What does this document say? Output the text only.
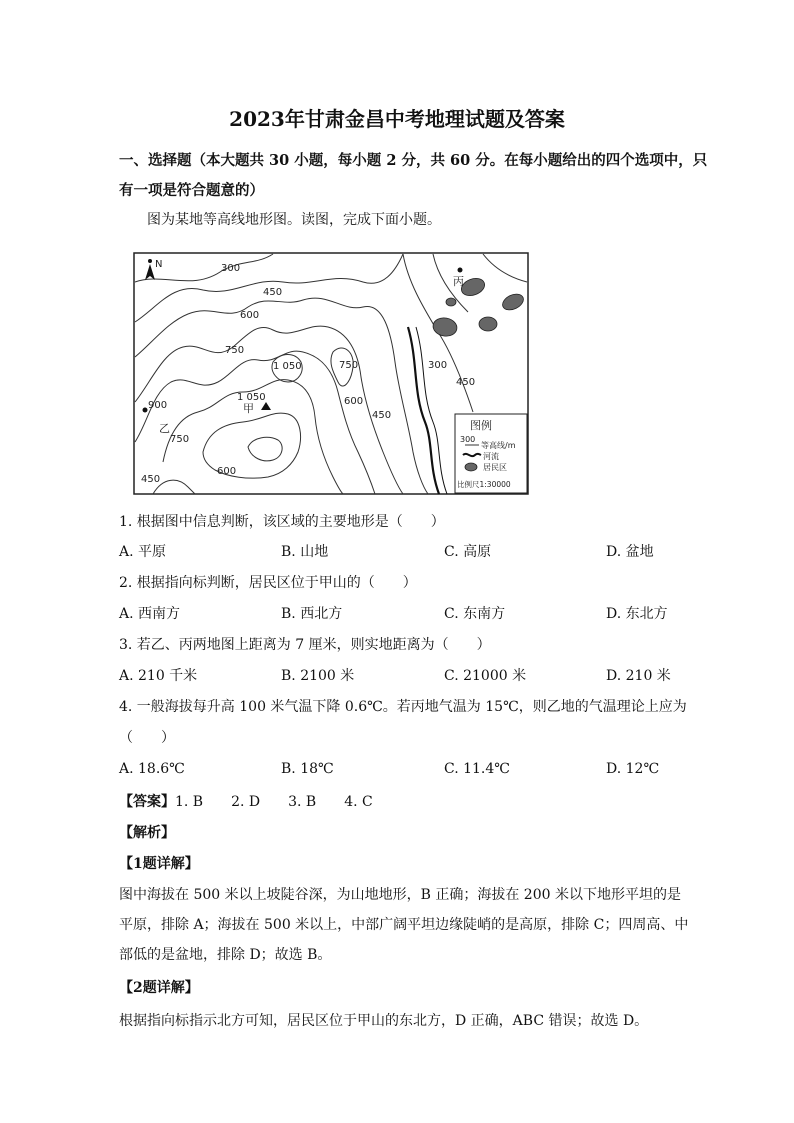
2023年甘肃金昌中考地理试题及答案
一、选择题（本大题共 30 小题，每小题 2 分，共 60 分。在每小题给出的四个选项中，只
有一项是符合题意的）
图为某地等高线地形图。读图，完成下面小题。
N	300
450
600
750
1 050	750
1 050	600
450
900
750
450
600
300
450
甲
乙
丙
图例
300
等高线/m
河流
居民区
比例尺1:30000
1. 根据图中信息判断，该区域的主要地形是（　　）
A. 平原	B. 山地	C. 高原	D. 盆地
2. 根据指向标判断，居民区位于甲山的（　　）
A. 西南方	B. 西北方	C. 东南方	D. 东北方
3. 若乙、丙两地图上距离为 7 厘米，则实地距离为（　　）
A. 210 千米	B. 2100 米	C. 21000 米	D. 210 米
4. 一般海拔每升高 100 米气温下降 0.6℃。若丙地气温为 15℃，则乙地的气温理论上应为
（　　）
A. 18.6℃	B. 18℃	C. 11.4℃	D. 12℃
【答案】1. B　　2. D　　3. B　　4. C
【解析】
【1题详解】
图中海拔在 500 米以上坡陡谷深，为山地地形，B 正确；海拔在 200 米以下地形平坦的是
平原，排除 A；海拔在 500 米以上，中部广阔平坦边缘陡峭的是高原，排除 C；四周高、中
部低的是盆地，排除 D；故选 B。
【2题详解】
根据指向标指示北方可知，居民区位于甲山的东北方，D 正确，ABC 错误；故选 D。
